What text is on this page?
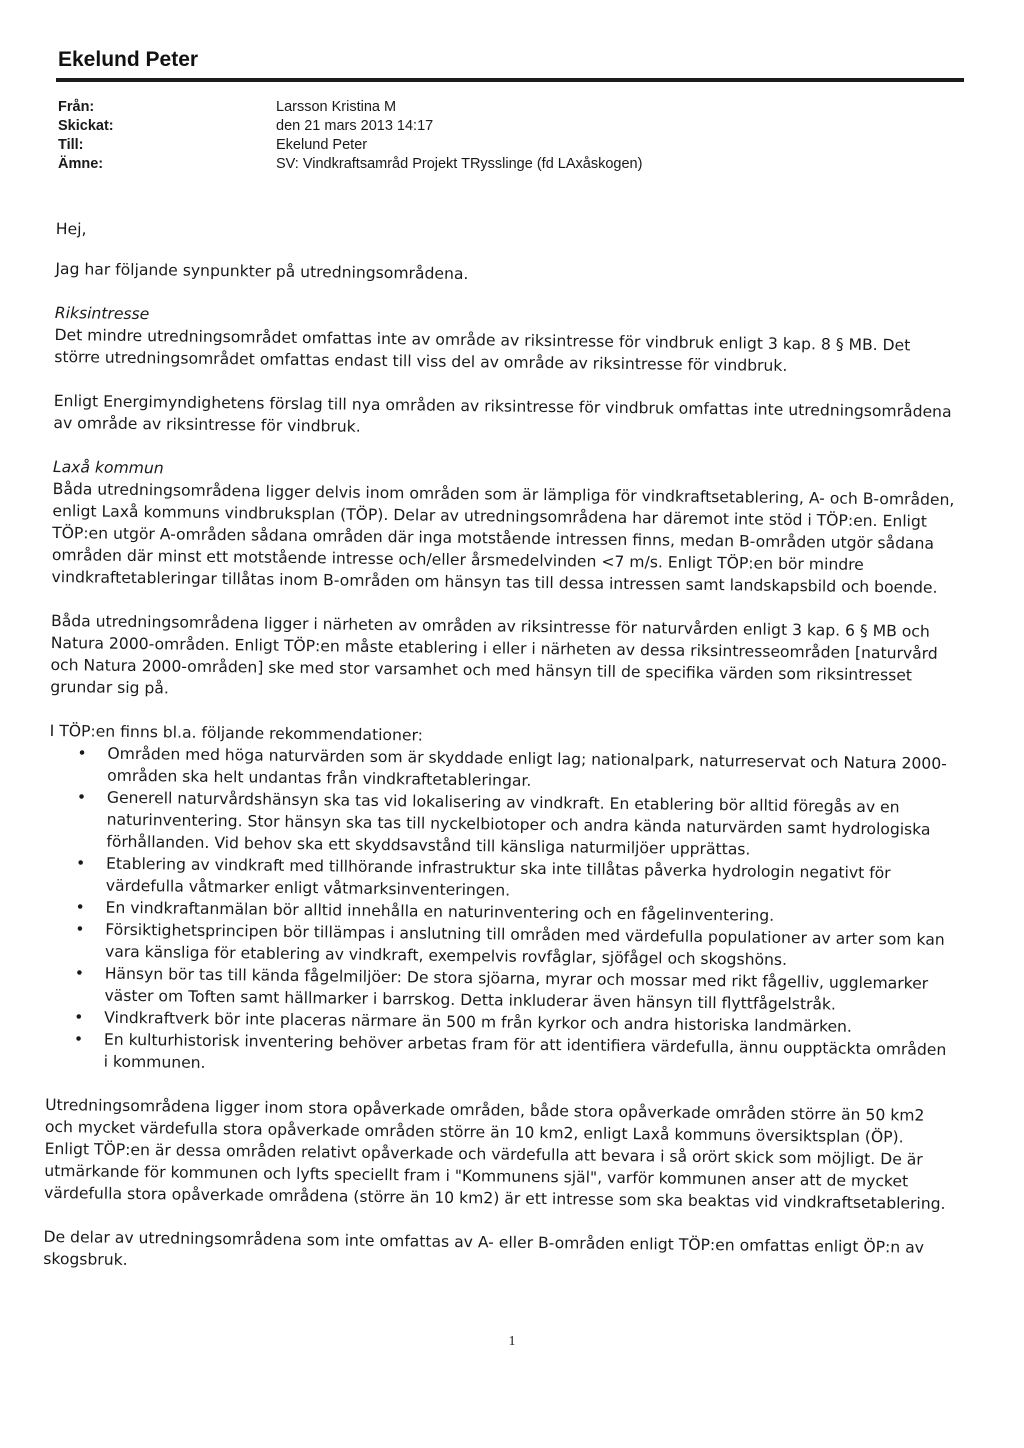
Ekelund Peter
Från:	Larsson Kristina M
Skickat:	den 21 mars 2013 14:17
Till:	Ekelund Peter
Ämne:	SV: Vindkraftsamråd Projekt TRysslinge (fd LAxåskogen)

Hej,

Jag har följande synpunkter på utredningsområdena.

Riksintresse

Det mindre utredningsområdet omfattas inte av område av riksintresse för vindbruk enligt 3 kap. 8 § MB. Det större utredningsområdet omfattas endast till viss del av område av riksintresse för vindbruk.

Enligt Energimyndighetens förslag till nya områden av riksintresse för vindbruk omfattas inte utredningsområdena av område av riksintresse för vindbruk.

Laxå kommun

Båda utredningsområdena ligger delvis inom områden som är lämpliga för vindkraftsetablering, A- och B-områden, enligt Laxå kommuns vindbruksplan (TÖP). Delar av utredningsområdena har däremot inte stöd i TÖP:en. Enligt TÖP:en utgör A-områden sådana områden där inga motstående intressen finns, medan B-områden utgör sådana områden där minst ett motstående intresse och/eller årsmedelvinden <7 m/s. Enligt TÖP:en bör mindre vindkraftetableringar tillåtas inom B-områden om hänsyn tas till dessa intressen samt landskapsbild och boende.

Båda utredningsområdena ligger i närheten av områden av riksintresse för naturvården enligt 3 kap. 6 § MB och Natura 2000-områden. Enligt TÖP:en måste etablering i eller i närheten av dessa riksintresseområden [naturvård och Natura 2000-områden] ske med stor varsamhet och med hänsyn till de specifika värden som riksintresset grundar sig på.

I TÖP:en finns bl.a. följande rekommendationer:

• Områden med höga naturvärden som är skyddade enligt lag; nationalpark, naturreservat och Natura 2000-områden ska helt undantas från vindkraftetableringar.
• Generell naturvårdshänsyn ska tas vid lokalisering av vindkraft. En etablering bör alltid föregås av en naturinventering. Stor hänsyn ska tas till nyckelbiotoper och andra kända naturvärden samt hydrologiska förhållanden. Vid behov ska ett skyddsavstånd till känsliga naturmiljöer upprättas.
• Etablering av vindkraft med tillhörande infrastruktur ska inte tillåtas påverka hydrologin negativt för värdefulla våtmarker enligt våtmarksinventeringen.
• En vindkraftanmälan bör alltid innehålla en naturinventering och en fågelinventering.
• Försiktighetsprincipen bör tillämpas i anslutning till områden med värdefulla populationer av arter som kan vara känsliga för etablering av vindkraft, exempelvis rovfåglar, sjöfågel och skogshöns.
• Hänsyn bör tas till kända fågelmiljöer: De stora sjöarna, myrar och mossar med rikt fågelliv, ugglemarker väster om Toften samt hällmarker i barrskog. Detta inkluderar även hänsyn till flyttfågelstråk.
• Vindkraftverk bör inte placeras närmare än 500 m från kyrkor och andra historiska landmärken.
• En kulturhistorisk inventering behöver arbetas fram för att identifiera värdefulla, ännu oupptäckta områden i kommunen.

Utredningsområdena ligger inom stora opåverkade områden, både stora opåverkade områden större än 50 km2 och mycket värdefulla stora opåverkade områden större än 10 km2, enligt Laxå kommuns översiktsplan (ÖP). Enligt TÖP:en är dessa områden relativt opåverkade och värdefulla att bevara i så orört skick som möjligt. De är utmärkande för kommunen och lyfts speciellt fram i "Kommunens själ", varför kommunen anser att de mycket värdefulla stora opåverkade områdena (större än 10 km2) är ett intresse som ska beaktas vid vindkraftsetablering.

De delar av utredningsområdena som inte omfattas av A- eller B-områden enligt TÖP:en omfattas enligt ÖP:n av skogsbruk.

1
